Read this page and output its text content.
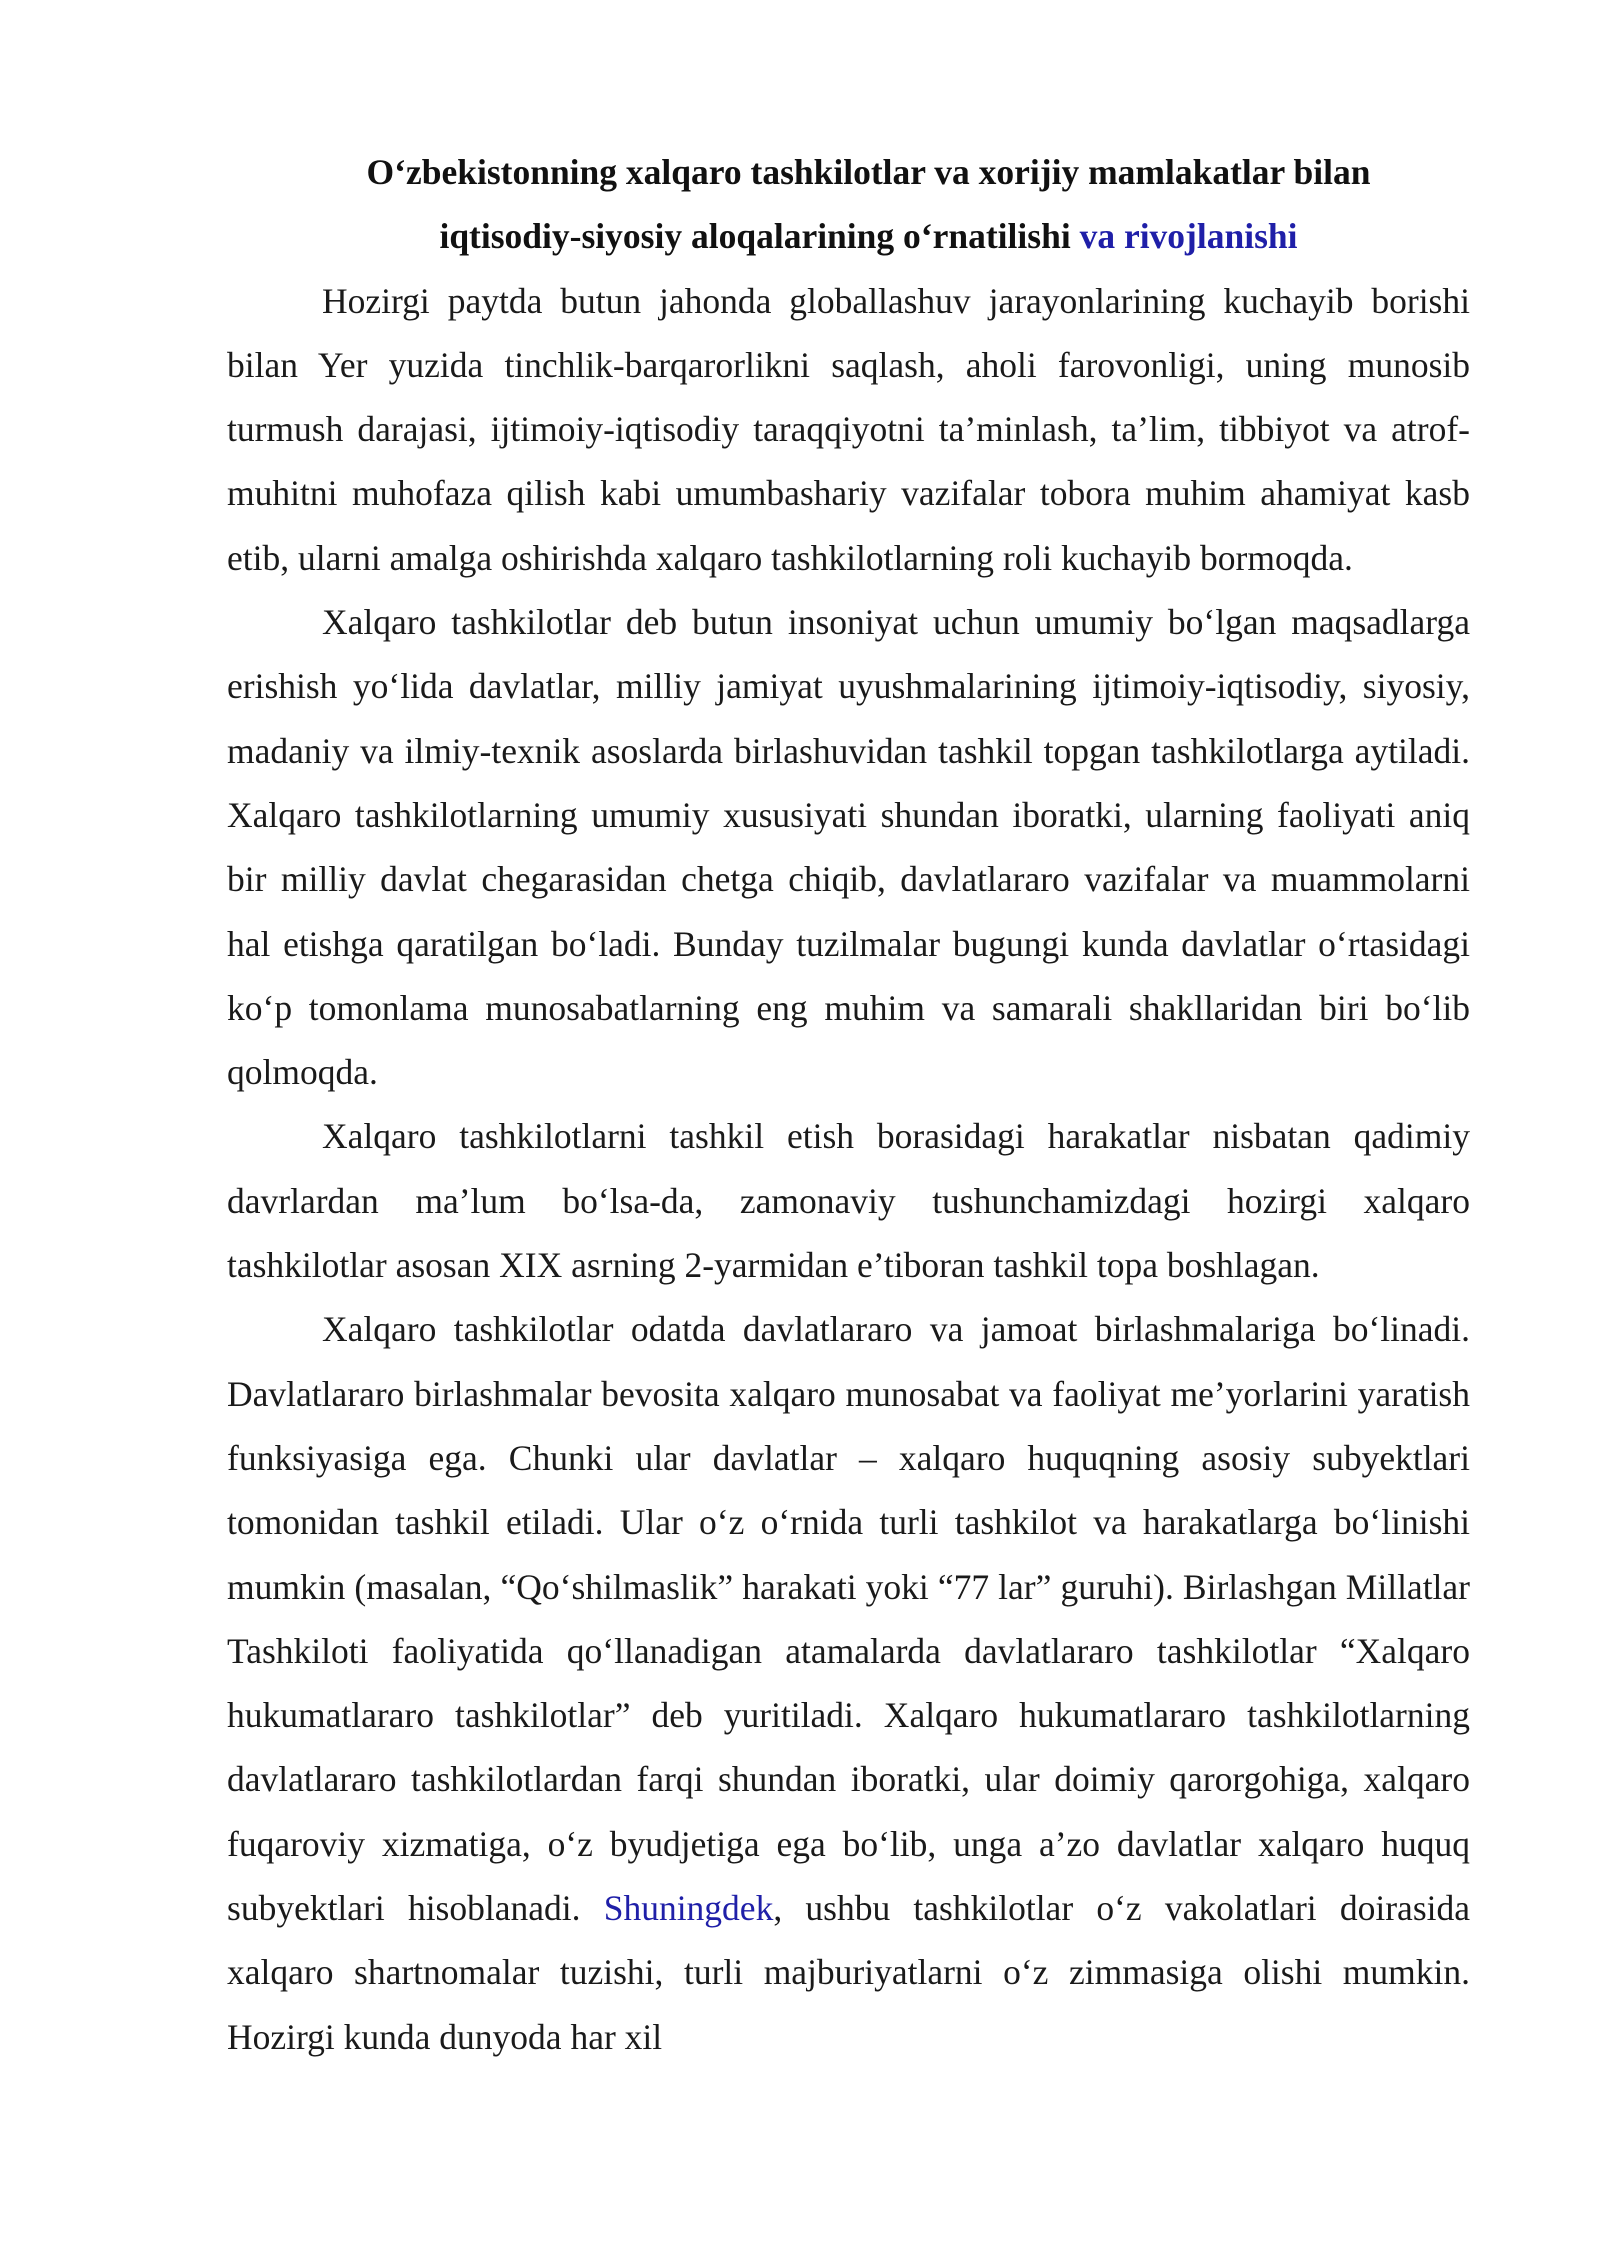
O‘zbekistonning xalqaro tashkilotlar va xorijiy mamlakatlar bilan iqtisodiy-siyosiy aloqalarining o‘rnatilishi va rivojlanishi

Hozirgi paytda butun jahonda globallashuv jarayonlarining kuchayib borishi bilan Yer yuzida tinchlik-barqarorlikni saqlash, aholi farovonligi, uning munosib turmush darajasi, ijtimoiy-iqtisodiy taraqqiyotni ta’minlash, ta’lim, tibbiyot va atrof-muhitni muhofaza qilish kabi umumbashariy vazifalar tobora muhim ahamiyat kasb etib, ularni amalga oshirishda xalqaro tashkilotlarning roli kuchayib bormoqda.

Xalqaro tashkilotlar deb butun insoniyat uchun umumiy bo‘lgan maqsadlarga erishish yo‘lida davlatlar, milliy jamiyat uyushmalarining ijtimoiy-iqtisodiy, siyosiy, madaniy va ilmiy-texnik asoslarda birlashuvidan tashkil topgan tashkilotlarga aytiladi. Xalqaro tashkilotlarning umumiy xususiyati shundan iboratki, ularning faoliyati aniq bir milliy davlat chegarasidan chetga chiqib, davlatlararo vazifalar va muammolarni hal etishga qaratilgan bo‘ladi. Bunday tuzilmalar bugungi kunda davlatlar o‘rtasidagi ko‘p tomonlama munosabatlarning eng muhim va samarali shakllaridan biri bo‘lib qolmoqda.

Xalqaro tashkilotlarni tashkil etish borasidagi harakatlar nisbatan qadimiy davrlardan ma’lum bo‘lsa-da, zamonaviy tushunchamizdagi hozirgi xalqaro tashkilotlar asosan XIX asrning 2-yarmidan e’tiboran tashkil topa boshlagan.

Xalqaro tashkilotlar odatda davlatlararo va jamoat birlashmalariga bo‘linadi. Davlatlararo birlashmalar bevosita xalqaro munosabat va faoliyat me’yorlarini yaratish funksiyasiga ega. Chunki ular davlatlar – xalqaro huquqning asosiy subyektlari tomonidan tashkil etiladi. Ular o‘z o‘rnida turli tashkilot va harakatlarga bo‘linishi mumkin (masalan, “Qo‘shilmaslik” harakati yoki “77 lar” guruhi). Birlashgan Millatlar Tashkiloti faoliyatida qo‘llanadigan atamalarda davlatlararo tashkilotlar “Xalqaro hukumatlararo tashkilotlar” deb yuritiladi. Xalqaro hukumatlararo tashkilotlarning davlatlararo tashkilotlardan farqi shundan iboratki, ular doimiy qarorgohiga, xalqaro fuqaroviy xizmatiga, o‘z byudjetiga ega bo‘lib, unga a’zo davlatlar xalqaro huquq subyektlari hisoblanadi. Shuningdek, ushbu tashkilotlar o‘z vakolatlari doirasida xalqaro shartnomalar tuzishi, turli majburiyatlarni o‘z zimmasiga olishi mumkin. Hozirgi kunda dunyoda har xil
